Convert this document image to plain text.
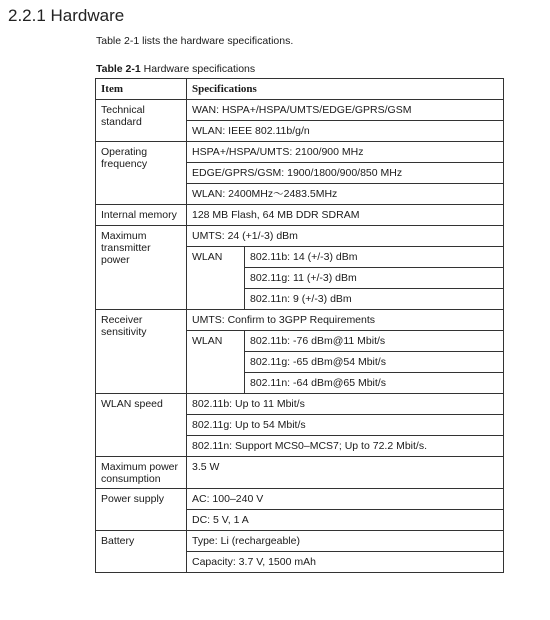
2.2.1 Hardware
Table 2-1 lists the hardware specifications.
Table 2-1 Hardware specifications
Item	Specifications	
Technical standard	WAN: HSPA+/HSPA/UMTS/EDGE/GPRS/GSM	
	WLAN: IEEE 802.11b/g/n	
Operating frequency	HSPA+/HSPA/UMTS: 2100/900 MHz	
	EDGE/GPRS/GSM: 1900/1800/900/850 MHz	
	WLAN: 2400MHz～2483.5MHz	
Internal memory	128 MB Flash, 64 MB DDR SDRAM	
Maximum transmitter power	UMTS: 24 (+1/-3) dBm	
	WLAN	802.11b: 14 (+/-3) dBm
		802.11g: 11 (+/-3) dBm
		802.11n: 9 (+/-3) dBm
Receiver sensitivity	UMTS: Confirm to 3GPP Requirements	
	WLAN	802.11b: -76 dBm@11 Mbit/s
		802.11g: -65 dBm@54 Mbit/s
		802.11n: -64 dBm@65 Mbit/s
WLAN speed	802.11b: Up to 11 Mbit/s	
	802.11g: Up to 54 Mbit/s	
	802.11n: Support MCS0–MCS7; Up to 72.2 Mbit/s.	
Maximum power consumption	3.5 W	
Power supply	AC: 100–240 V	
	DC: 5 V, 1 A	
Battery	Type: Li (rechargeable)	
	Capacity: 3.7 V, 1500 mAh	
